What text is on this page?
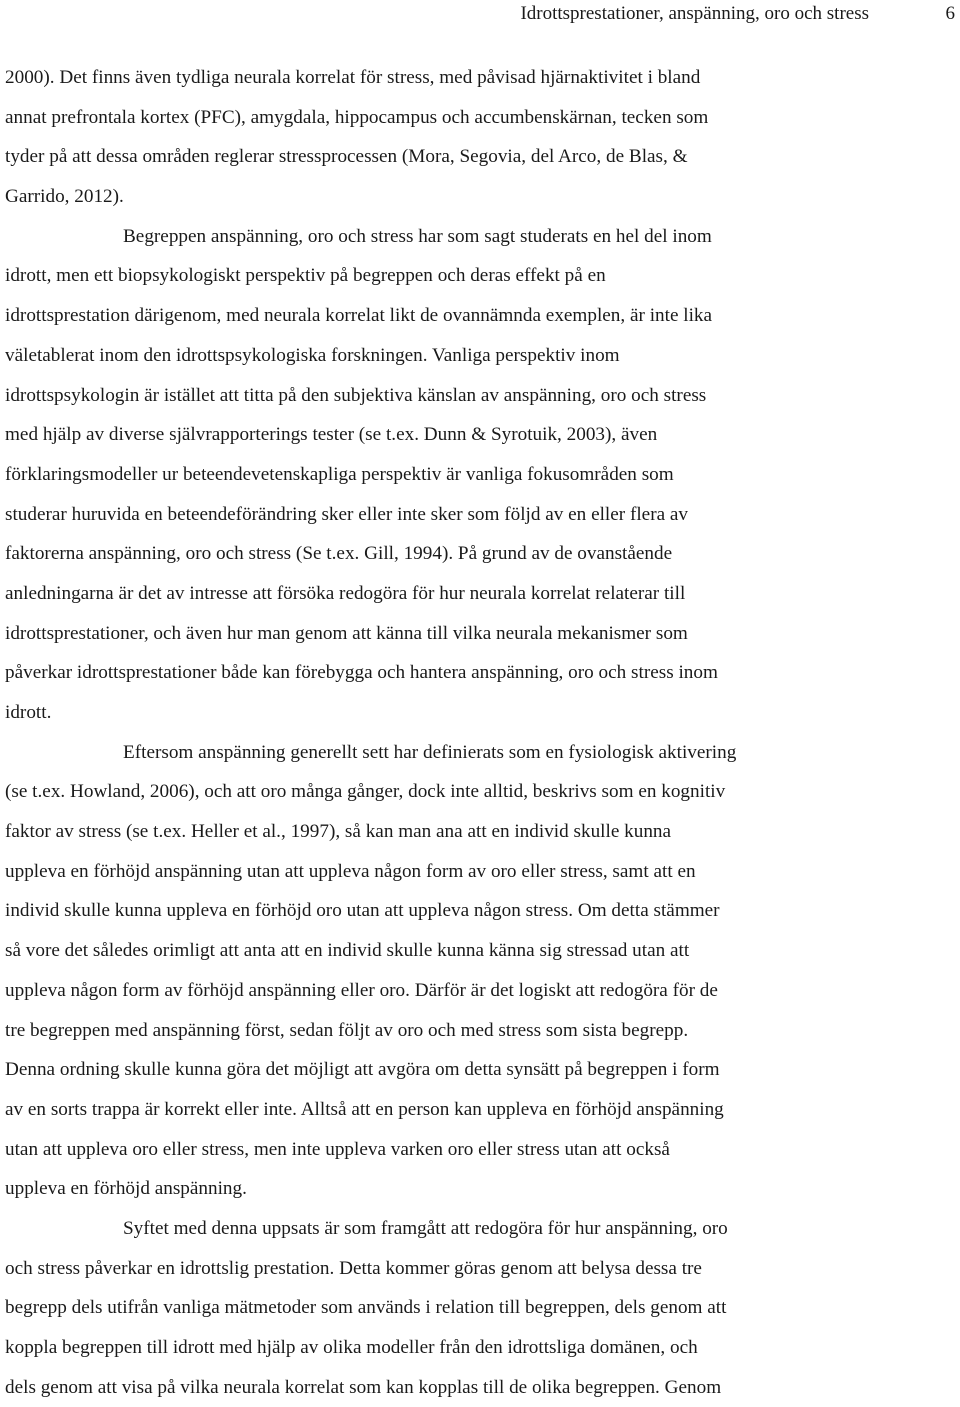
Idrottsprestationer, anspänning, oro och stress	6
2000). Det finns även tydliga neurala korrelat för stress, med påvisad hjärnaktivitet i bland
annat prefrontala kortex (PFC), amygdala, hippocampus och accumbenskärnan, tecken som
tyder på att dessa områden reglerar stressprocessen (Mora, Segovia, del Arco, de Blas, &
Garrido, 2012).
Begreppen anspänning, oro och stress har som sagt studerats en hel del inom
idrott, men ett biopsykologiskt perspektiv på begreppen och deras effekt på en
idrottsprestation därigenom, med neurala korrelat likt de ovannämnda exemplen, är inte lika
väletablerat inom den idrottspsykologiska forskningen. Vanliga perspektiv inom
idrottspsykologin är istället att titta på den subjektiva känslan av anspänning, oro och stress
med hjälp av diverse självrapporterings tester (se t.ex. Dunn & Syrotuik, 2003), även
förklaringsmodeller ur beteendevetenskapliga perspektiv är vanliga fokusområden som
studerar huruvida en beteendeförändring sker eller inte sker som följd av en eller flera av
faktorerna anspänning, oro och stress (Se t.ex. Gill, 1994). På grund av de ovanstående
anledningarna är det av intresse att försöka redogöra för hur neurala korrelat relaterar till
idrottsprestationer, och även hur man genom att känna till vilka neurala mekanismer som
påverkar idrottsprestationer både kan förebygga och hantera anspänning, oro och stress inom
idrott.
Eftersom anspänning generellt sett har definierats som en fysiologisk aktivering
(se t.ex. Howland, 2006), och att oro många gånger, dock inte alltid, beskrivs som en kognitiv
faktor av stress (se t.ex. Heller et al., 1997), så kan man ana att en individ skulle kunna
uppleva en förhöjd anspänning utan att uppleva någon form av oro eller stress, samt att en
individ skulle kunna uppleva en förhöjd oro utan att uppleva någon stress. Om detta stämmer
så vore det således orimligt att anta att en individ skulle kunna känna sig stressad utan att
uppleva någon form av förhöjd anspänning eller oro. Därför är det logiskt att redogöra för de
tre begreppen med anspänning först, sedan följt av oro och med stress som sista begrepp.
Denna ordning skulle kunna göra det möjligt att avgöra om detta synsätt på begreppen i form
av en sorts trappa är korrekt eller inte. Alltså att en person kan uppleva en förhöjd anspänning
utan att uppleva oro eller stress, men inte uppleva varken oro eller stress utan att också
uppleva en förhöjd anspänning.
Syftet med denna uppsats är som framgått att redogöra för hur anspänning, oro
och stress påverkar en idrottslig prestation. Detta kommer göras genom att belysa dessa tre
begrepp dels utifrån vanliga mätmetoder som används i relation till begreppen, dels genom att
koppla begreppen till idrott med hjälp av olika modeller från den idrottsliga domänen, och
dels genom att visa på vilka neurala korrelat som kan kopplas till de olika begreppen. Genom
